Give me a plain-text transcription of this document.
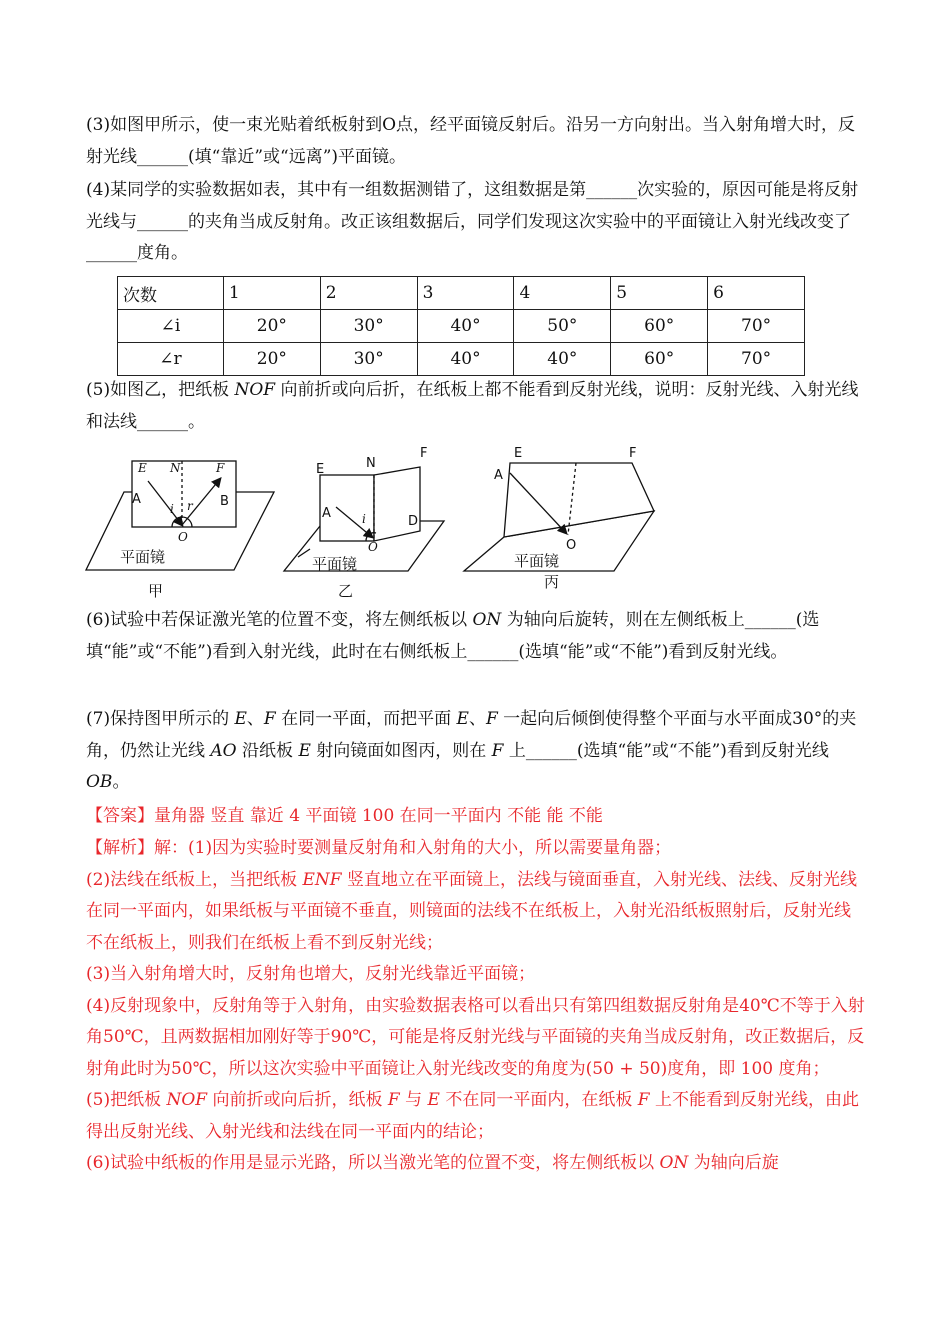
(3)如图甲所示，使一束光贴着纸板射到O点，经平面镜反射后。沿另一方向射出。当入射角增大时，反射光线______(填“靠近”或“远离”)平面镜。

(4)某同学的实验数据如表，其中有一组数据测错了，这组数据是第______次实验的，原因可能是将反射光线与______的夹角当成反射角。改正该组数据后，同学们发现这次实验中的平面镜让入射光线改变了______度角。

次数	1	2	3	4	5	6
∠i	20°	30°	40°	50°	60°	70°
∠r	20°	30°	40°	40°	60°	70°

(5)如图乙，把纸板 NOF 向前折或向后折，在纸板上都不能看到反射光线，说明：反射光线、入射光线和法线______。

E N	F
A	B
i r
O
平面镜
甲
E	N
F
A	i	D
O
平面镜
乙
E	F
A
O
平面镜
丙

(6)试验中若保证激光笔的位置不变，将左侧纸板以 ON 为轴向后旋转，则在左侧纸板上______(选填“能”或“不能”)看到入射光线，此时在右侧纸板上______(选填“能”或“不能”)看到反射光线。

(7)保持图甲所示的 E、F 在同一平面，而把平面 E、F 一起向后倾倒使得整个平面与水平面成30°的夹角，仍然让光线 AO 沿纸板 E 射向镜面如图丙，则在 F 上______(选填“能”或“不能”)看到反射光线 OB。

【答案】量角器 竖直 靠近 4 平面镜 100 在同一平面内 不能 能 不能

【解析】解：(1)因为实验时要测量反射角和入射角的大小，所以需要量角器；

(2)法线在纸板上，当把纸板 ENF 竖直地立在平面镜上，法线与镜面垂直，入射光线、法线、反射光线在同一平面内，如果纸板与平面镜不垂直，则镜面的法线不在纸板上，入射光沿纸板照射后，反射光线不在纸板上，则我们在纸板上看不到反射光线；

(3)当入射角增大时，反射角也增大，反射光线靠近平面镜；

(4)反射现象中，反射角等于入射角，由实验数据表格可以看出只有第四组数据反射角是40℃不等于入射角50℃，且两数据相加刚好等于90℃，可能是将反射光线与平面镜的夹角当成反射角，改正数据后，反射角此时为50℃，所以这次实验中平面镜让入射光线改变的角度为(50 + 50)度角，即 100 度角；

(5)把纸板 NOF 向前折或向后折，纸板 F 与 E 不在同一平面内，在纸板 F 上不能看到反射光线，由此得出反射光线、入射光线和法线在同一平面内的结论；

(6)试验中纸板的作用是显示光路，所以当激光笔的位置不变，将左侧纸板以 ON 为轴向后旋
